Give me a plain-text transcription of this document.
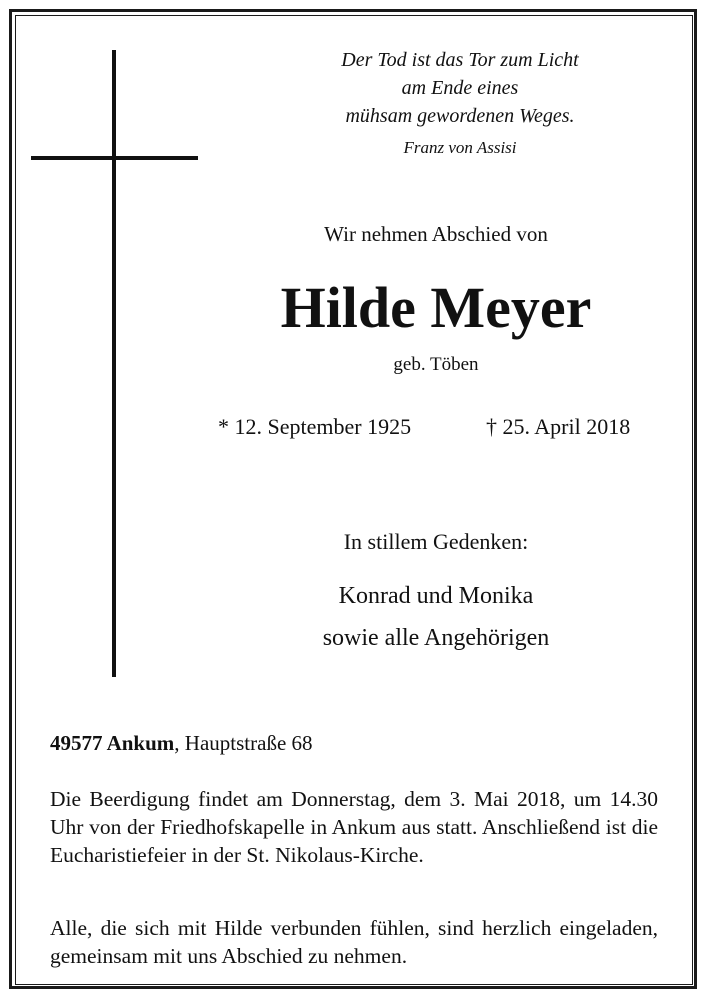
Der Tod ist das Tor zum Licht
am Ende eines
mühsam gewordenen Weges.
Franz von Assisi
Wir nehmen Abschied von
Hilde Meyer
geb. Töben
* 12. September 1925	† 25. April 2018
In stillem Gedenken:
Konrad und Monika
sowie alle Angehörigen
49577 Ankum, Hauptstraße 68
Die Beerdigung findet am Donnerstag, dem 3. Mai 2018, um 14.30 Uhr von der Friedhofskapelle in Ankum aus statt. Anschließend ist die Eucharistiefeier in der St. Nikolaus-Kirche.
Alle, die sich mit Hilde verbunden fühlen, sind herzlich eingeladen, gemeinsam mit uns Abschied zu nehmen.
